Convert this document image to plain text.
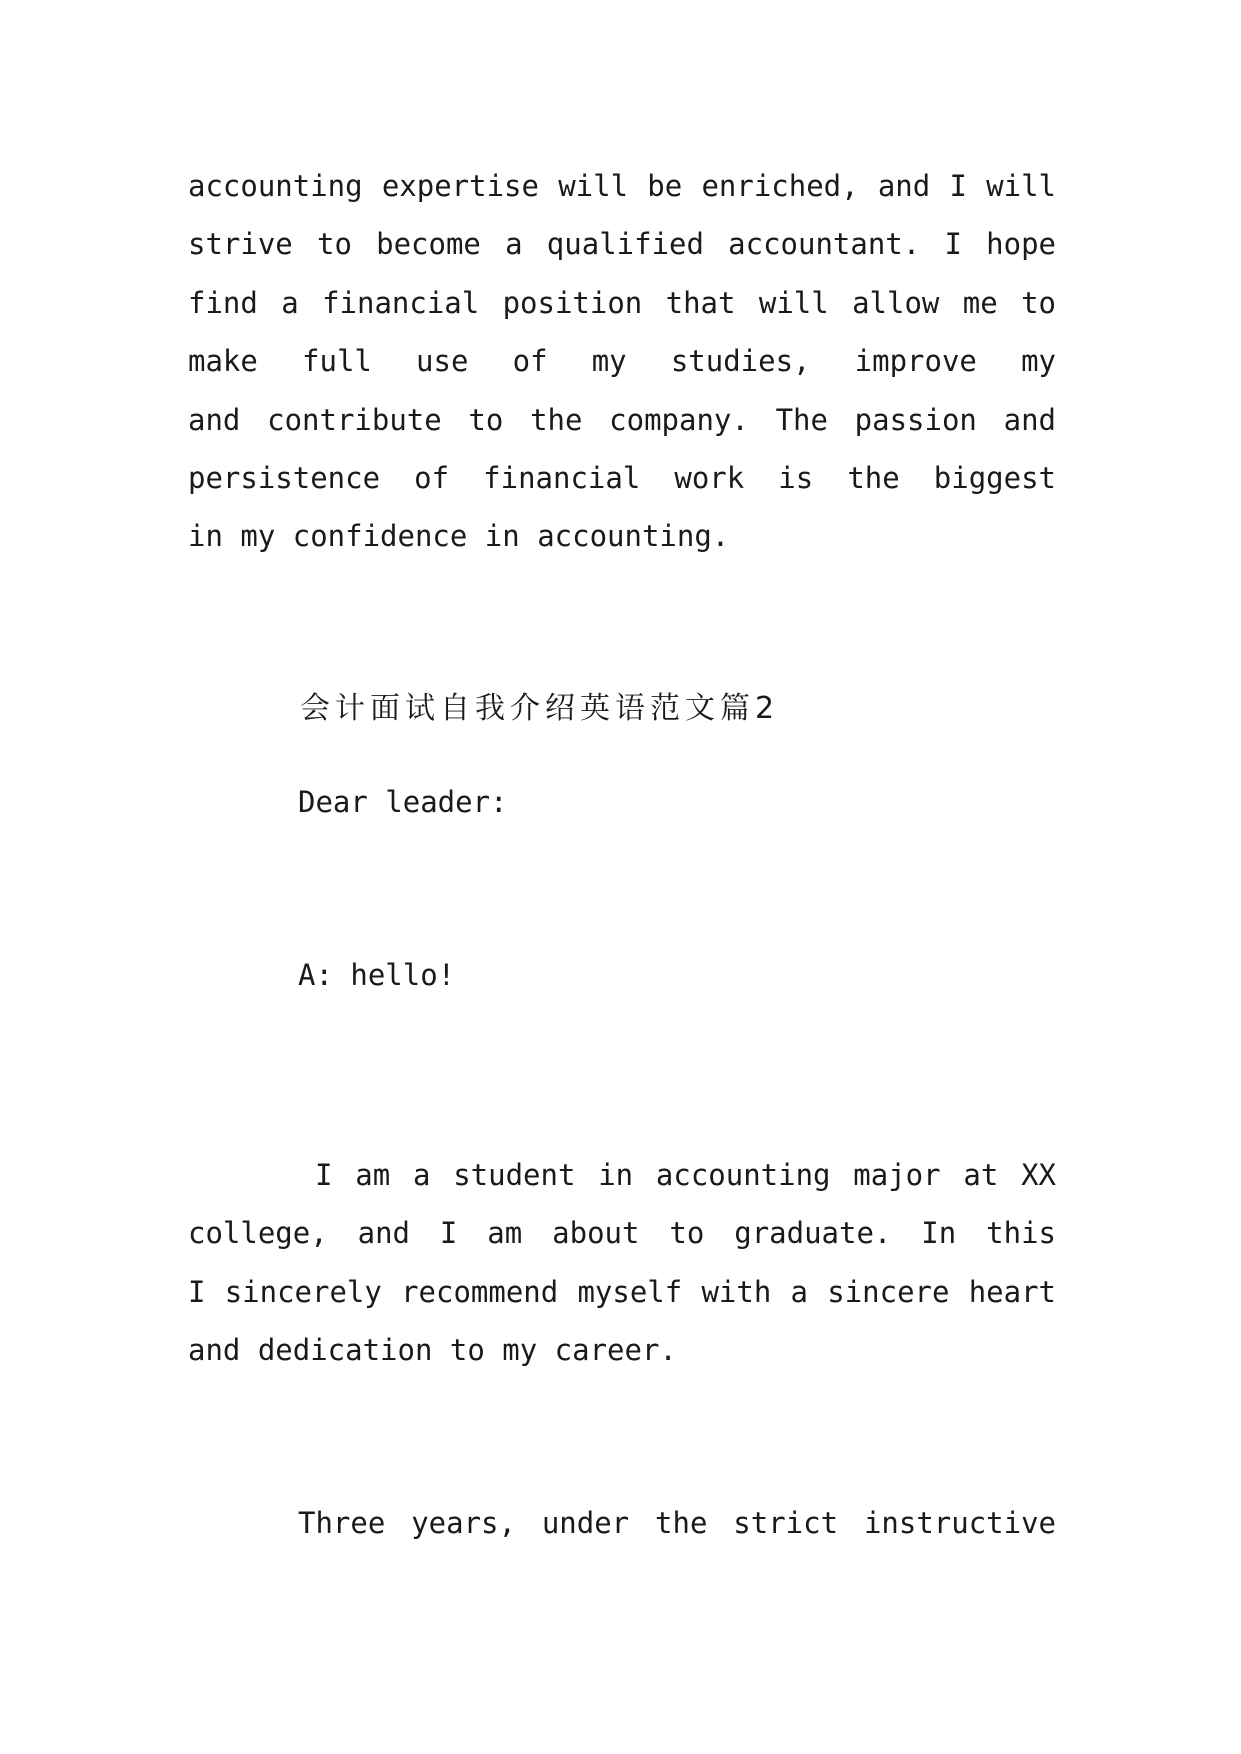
accounting expertise will be enriched, and I will
strive to become a qualified accountant. I hope
find a financial position that will allow me to
make full use of my studies, improve my
and contribute to the company. The passion and
persistence of financial work is the biggest
in my confidence in accounting.

会计面试自我介绍英语范文篇2

Dear leader:

A: hello!

I am a student in accounting major at XX
college, and I am about to graduate. In this
I sincerely recommend myself with a sincere heart
and dedication to my career.
Three years, under the strict instructive
